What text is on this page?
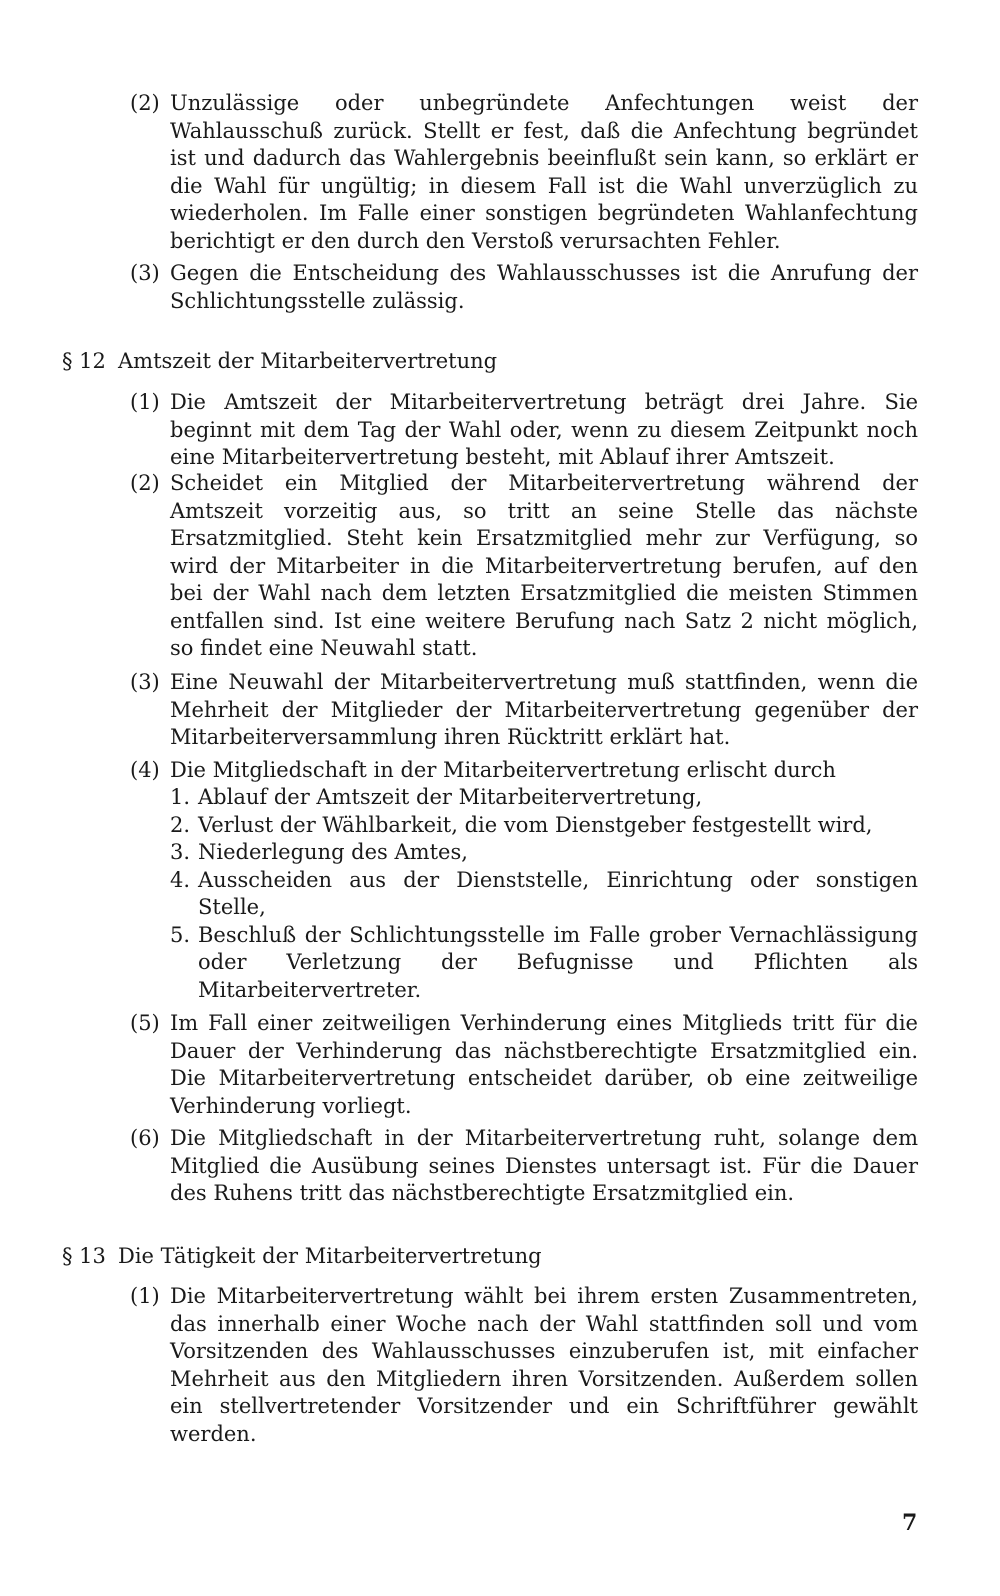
(2) Unzulässige oder unbegründete Anfechtungen weist der Wahlausschuß zurück. Stellt er fest, daß die Anfechtung begründet ist und dadurch das Wahlergebnis beeinflußt sein kann, so erklärt er die Wahl für ungültig; in diesem Fall ist die Wahl unverzüglich zu wiederholen. Im Falle einer sonstigen begründeten Wahlanfechtung berichtigt er den durch den Verstoß verursachten Fehler.
(3) Gegen die Entscheidung des Wahlausschusses ist die Anrufung der Schlichtungsstelle zulässig.
§ 12 Amtszeit der Mitarbeitervertretung
(1) Die Amtszeit der Mitarbeitervertretung beträgt drei Jahre. Sie beginnt mit dem Tag der Wahl oder, wenn zu diesem Zeitpunkt noch eine Mitarbeitervertretung besteht, mit Ablauf ihrer Amtszeit.
(2) Scheidet ein Mitglied der Mitarbeitervertretung während der Amtszeit vorzeitig aus, so tritt an seine Stelle das nächste Ersatzmitglied. Steht kein Ersatzmitglied mehr zur Verfügung, so wird der Mitarbeiter in die Mitarbeitervertretung berufen, auf den bei der Wahl nach dem letzten Ersatzmitglied die meisten Stimmen entfallen sind. Ist eine weitere Berufung nach Satz 2 nicht möglich, so findet eine Neuwahl statt.
(3) Eine Neuwahl der Mitarbeitervertretung muß stattfinden, wenn die Mehrheit der Mitglieder der Mitarbeitervertretung gegenüber der Mitarbeiterversammlung ihren Rücktritt erklärt hat.
(4) Die Mitgliedschaft in der Mitarbeitervertretung erlischt durch
1. Ablauf der Amtszeit der Mitarbeitervertretung,
2. Verlust der Wählbarkeit, die vom Dienstgeber festgestellt wird,
3. Niederlegung des Amtes,
4. Ausscheiden aus der Dienststelle, Einrichtung oder sonstigen Stelle,
5. Beschluß der Schlichtungsstelle im Falle grober Vernachlässigung oder Verletzung der Befugnisse und Pflichten als Mitarbeitervertreter.
(5) Im Fall einer zeitweiligen Verhinderung eines Mitglieds tritt für die Dauer der Verhinderung das nächstberechtigte Ersatzmitglied ein. Die Mitarbeitervertretung entscheidet darüber, ob eine zeitweilige Verhinderung vorliegt.
(6) Die Mitgliedschaft in der Mitarbeitervertretung ruht, solange dem Mitglied die Ausübung seines Dienstes untersagt ist. Für die Dauer des Ruhens tritt das nächstberechtigte Ersatzmitglied ein.
§ 13 Die Tätigkeit der Mitarbeitervertretung
(1) Die Mitarbeitervertretung wählt bei ihrem ersten Zusammentreten, das innerhalb einer Woche nach der Wahl stattfinden soll und vom Vorsitzenden des Wahlausschusses einzuberufen ist, mit einfacher Mehrheit aus den Mitgliedern ihren Vorsitzenden. Außerdem sollen ein stellvertretender Vorsitzender und ein Schriftführer gewählt werden.
7
